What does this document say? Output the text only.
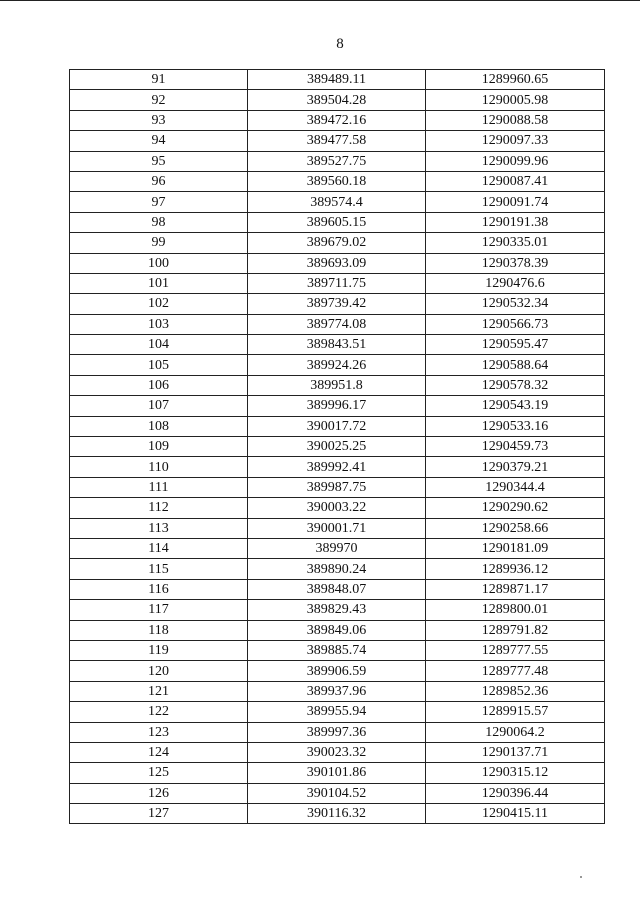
8
91	389489.11	1289960.65
92	389504.28	1290005.98
93	389472.16	1290088.58
94	389477.58	1290097.33
95	389527.75	1290099.96
96	389560.18	1290087.41
97	389574.4	1290091.74
98	389605.15	1290191.38
99	389679.02	1290335.01
100	389693.09	1290378.39
101	389711.75	1290476.6
102	389739.42	1290532.34
103	389774.08	1290566.73
104	389843.51	1290595.47
105	389924.26	1290588.64
106	389951.8	1290578.32
107	389996.17	1290543.19
108	390017.72	1290533.16
109	390025.25	1290459.73
110	389992.41	1290379.21
111	389987.75	1290344.4
112	390003.22	1290290.62
113	390001.71	1290258.66
114	389970	1290181.09
115	389890.24	1289936.12
116	389848.07	1289871.17
117	389829.43	1289800.01
118	389849.06	1289791.82
119	389885.74	1289777.55
120	389906.59	1289777.48
121	389937.96	1289852.36
122	389955.94	1289915.57
123	389997.36	1290064.2
124	390023.32	1290137.71
125	390101.86	1290315.12
126	390104.52	1290396.44
127	390116.32	1290415.11
